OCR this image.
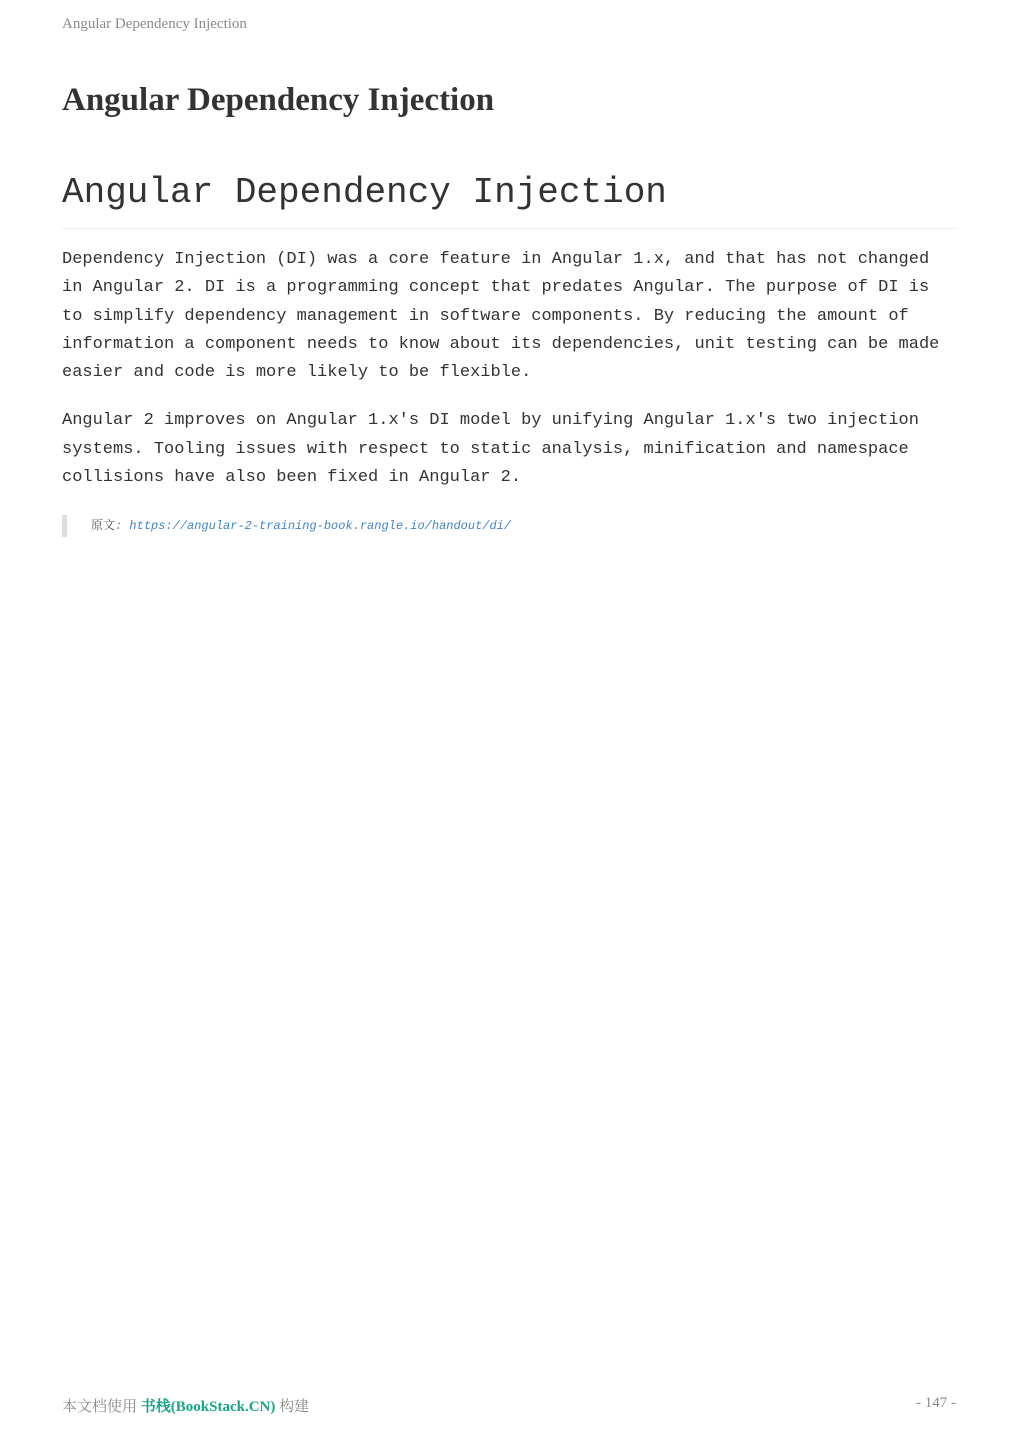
Angular Dependency Injection
Angular Dependency Injection
Angular Dependency Injection

Dependency Injection (DI) was a core feature in Angular 1.x, and that has not changed in Angular 2. DI is a programming concept that predates Angular. The purpose of DI is to simplify dependency management in software components. By reducing the amount of information a component needs to know about its dependencies, unit testing can be made easier and code is more likely to be flexible.

Angular 2 improves on Angular 1.x's DI model by unifying Angular 1.x's two injection systems. Tooling issues with respect to static analysis, minification and namespace collisions have also been fixed in Angular 2.

原文: https://angular-2-training-book.rangle.io/handout/di/
本文档使用 书栈(BookStack.CN) 构建	- 147 -
